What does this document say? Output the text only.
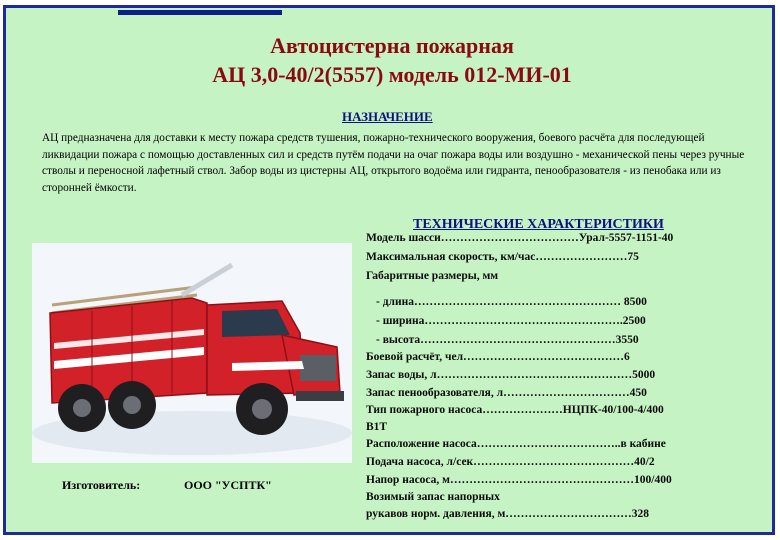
Автоцистерна пожарная
АЦ 3,0-40/2(5557) модель 012-МИ-01
НАЗНАЧЕНИЕ
АЦ предназначена для доставки к месту пожара средств тушения, пожарно-технического вооружения, боевого расчёта для последующей ликвидации пожара с помощью доставленных сил и средств путём подачи на очаг пожара воды или воздушно - механической пены через ручные стволы и переносной лафетный ствол. Забор воды из цистерны АЦ, открытого водоёма или гидранта, пенообразователя - из пенобака или из сторонней ёмкости.
ТЕХНИЧЕСКИЕ ХАРАКТЕРИСТИКИ
Изготовитель:	ООО "УСПТК"
Модель шасси………………………………Урал-5557-1151-40
Максимальная скорость, км/час……………………75
Габаритные размеры, мм
- длина……………………………………………… 8500
- ширина…………………………………………….2500
- высота……………………………………………3550
Боевой расчёт, чел……………………………………6
Запас воды, л……………………………………………5000
Запас пенообразователя, л……………………………450
Тип пожарного насоса…………………НЦПК-40/100-4/400
В1Т
Расположение насоса………………………………..в кабине
Подача насоса, л/сек……………………………………40/2
Напор насоса, м…………………………………………100/400
Возимый запас напорных
рукавов норм. давления, м……………………………328
